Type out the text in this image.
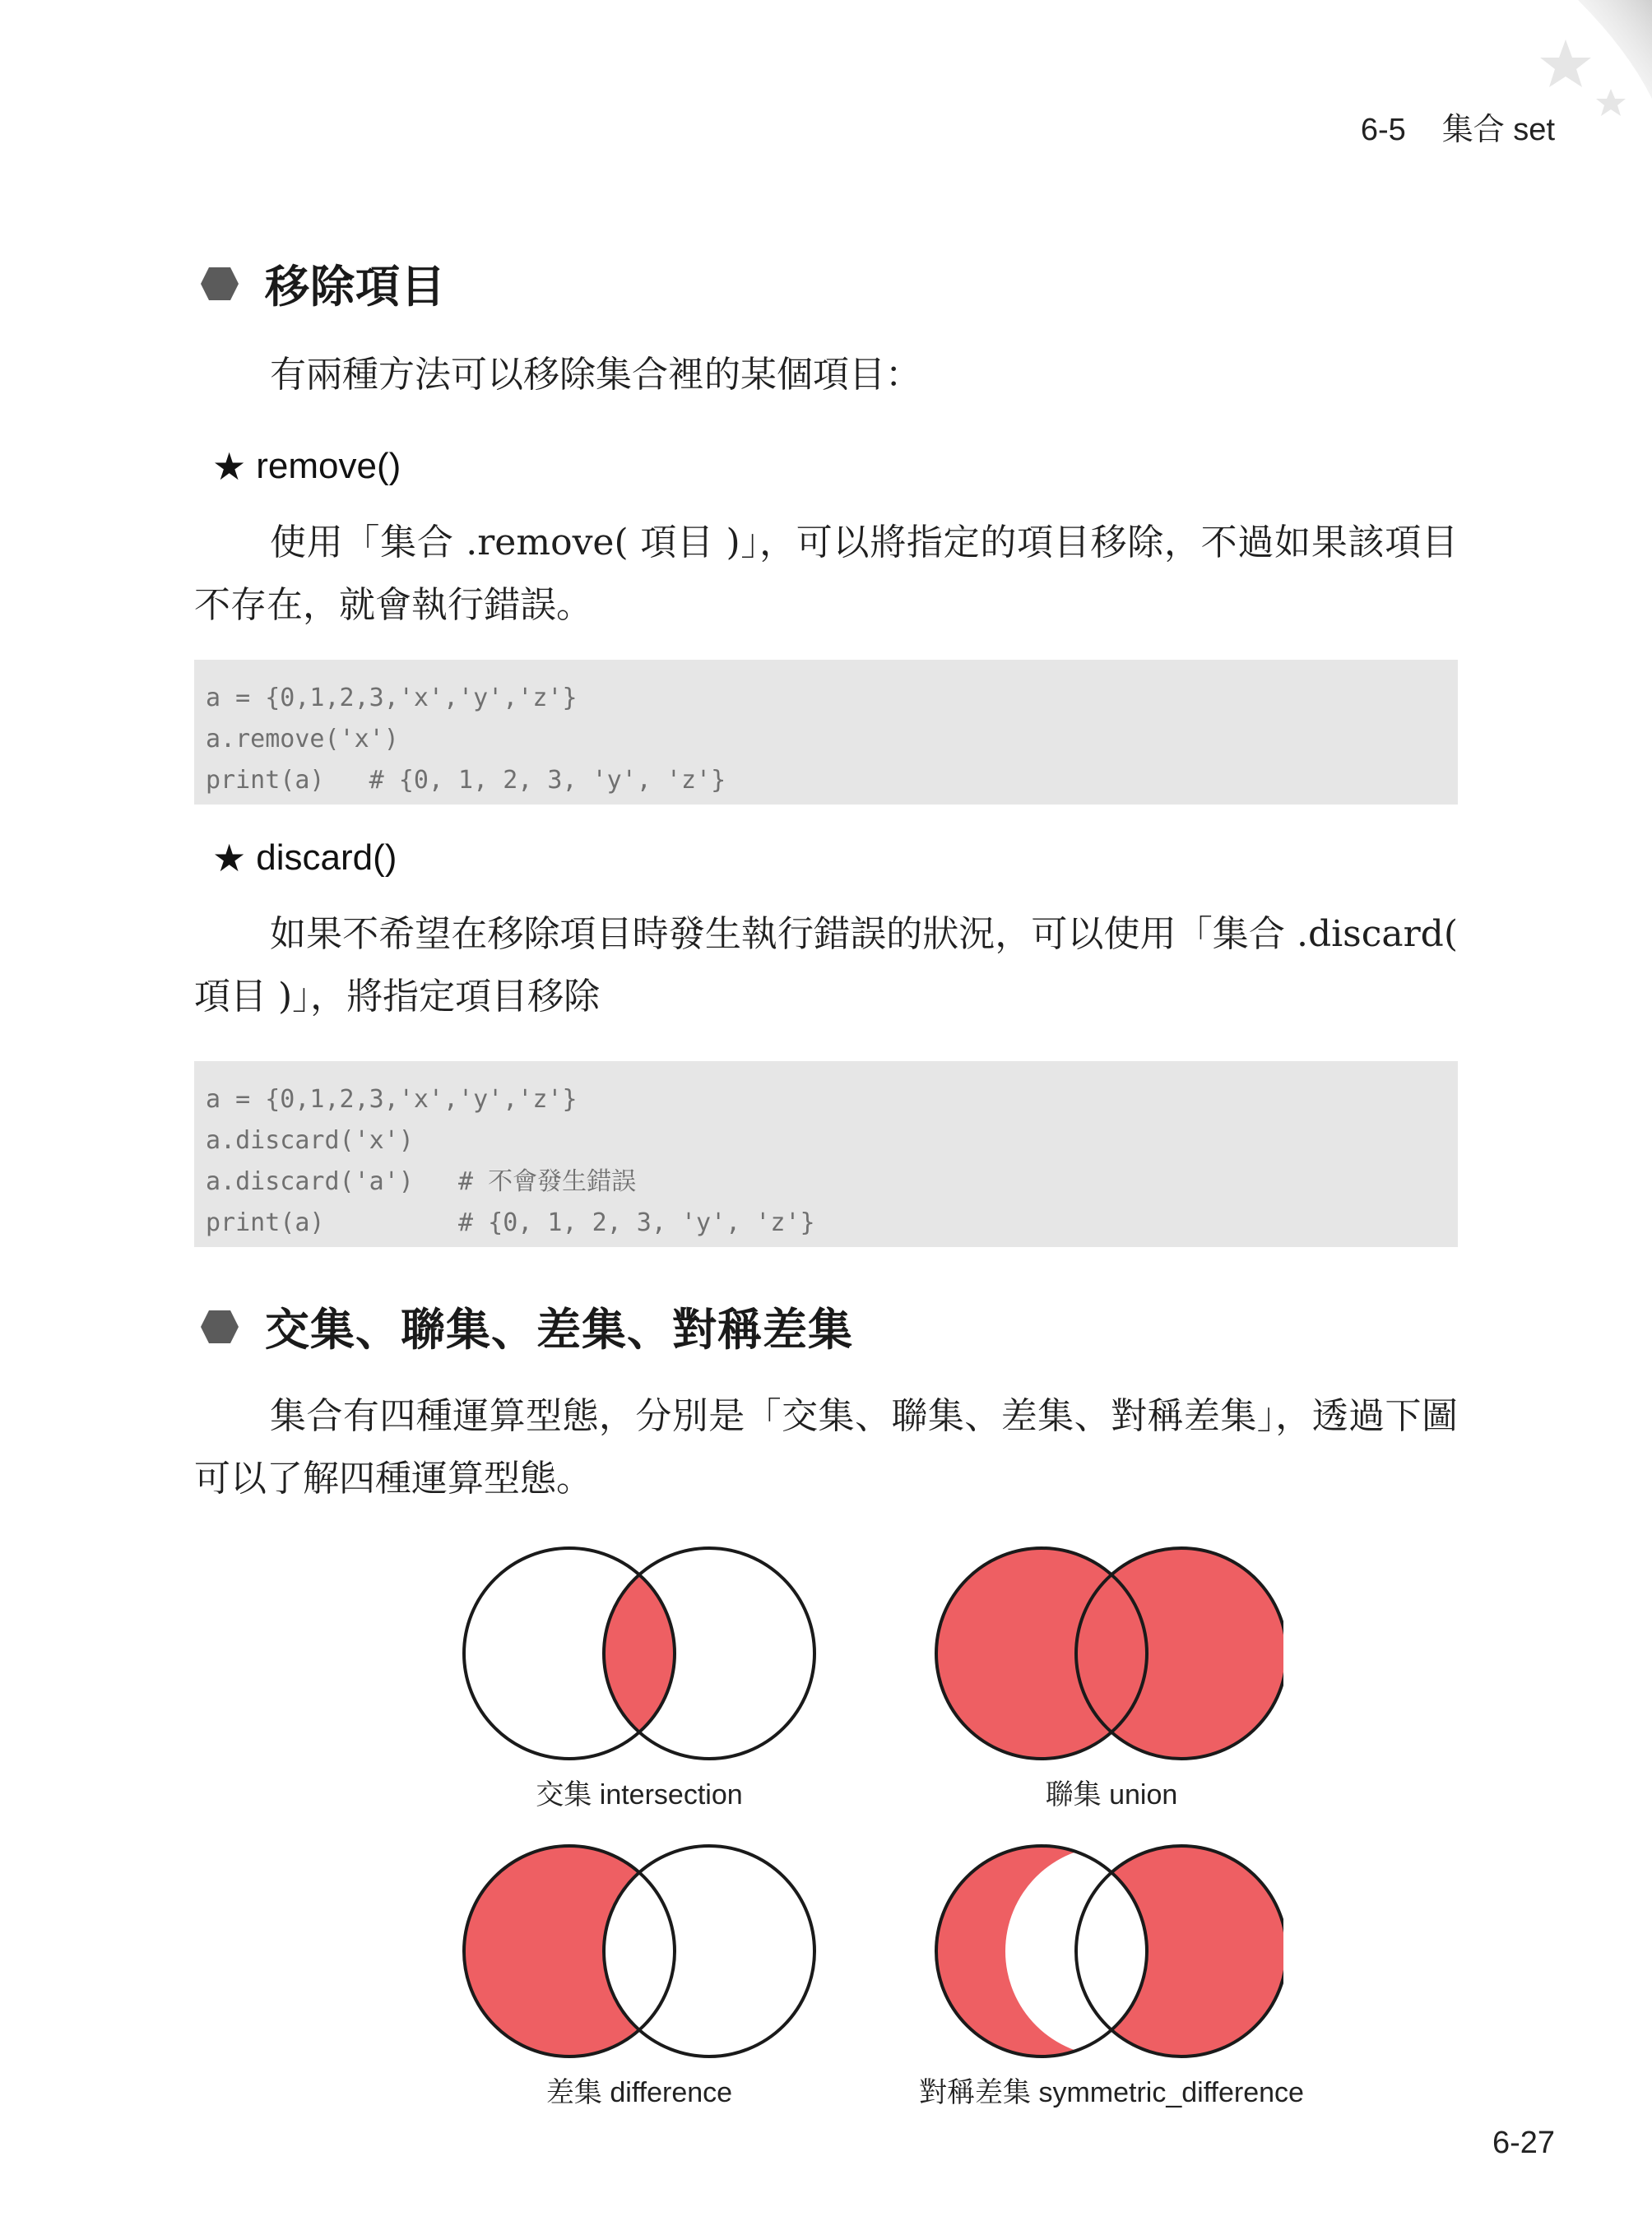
6-5 集合 set
移除項目

有兩種方法可以移除集合裡的某個項目：

★ remove()

使用「集合 .remove( 項目 )」，可以將指定的項目移除，不過如果該項目不存在，就會執行錯誤。

a = {0,1,2,3,'x','y','z'}
a.remove('x')
print(a)   # {0, 1, 2, 3, 'y', 'z'}
★ discard()

如果不希望在移除項目時發生執行錯誤的狀況，可以使用「集合 .discard( 項目 )」，將指定項目移除

a = {0,1,2,3,'x','y','z'}
a.discard('x')
a.discard('a')   # 不會發生錯誤
print(a)         # {0, 1, 2, 3, 'y', 'z'}
交集、聯集、差集、對稱差集

集合有四種運算型態，分別是「交集、聯集、差集、對稱差集」，透過下圖可以了解四種運算型態。

交集 intersection	聯集 union
差集 difference	對稱差集 symmetric_difference
6-27
